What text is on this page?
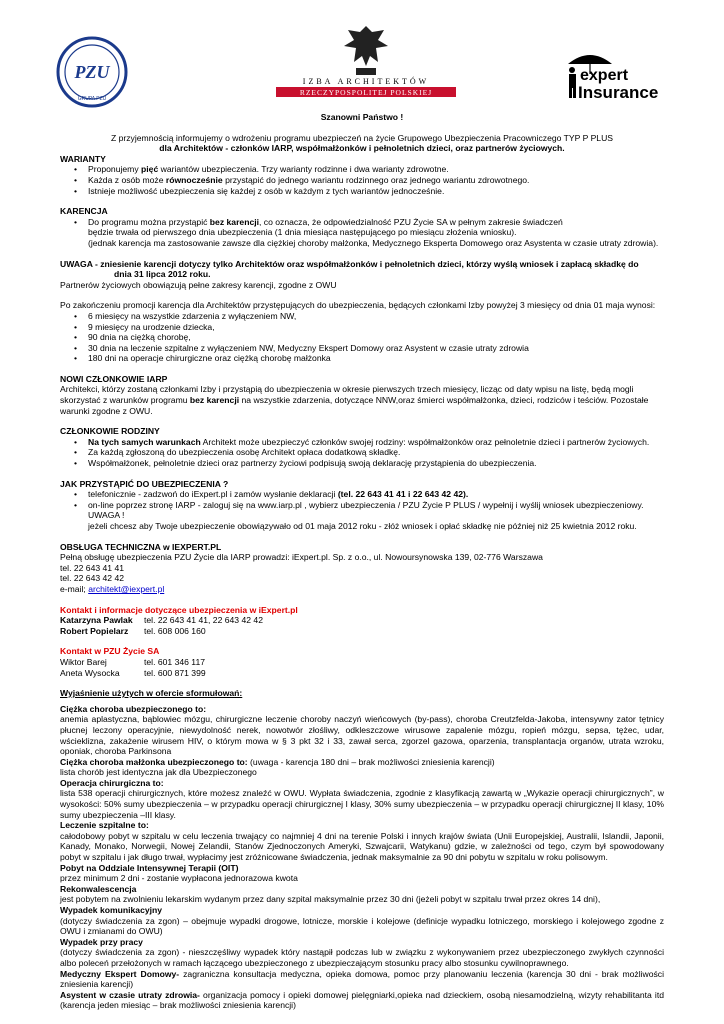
PZU
GRUPA PZU
IZBA ARCHITEKTÓW
RZECZYPOSPOLITEJ POLSKIEJ
expert
Insurance

Szanowni Państwo !

Z przyjemnością informujemy o wdrożeniu programu ubezpieczeń na życie Grupowego Ubezpieczenia Pracowniczego TYP P PLUS

dla Architektów - członków IARP, współmałżonków i pełnoletnich dzieci, oraz partnerów życiowych.

WARIANTY

• Proponujemy pięć wariantów ubezpieczenia. Trzy warianty rodzinne i dwa warianty zdrowotne.
• Każda z osób może równocześnie przystąpić do jednego wariantu rodzinnego oraz jednego wariantu zdrowotnego.
• Istnieje możliwość ubezpieczenia się każdej z osób w każdym z tych wariantów jednocześnie.

KARENCJA

• Do programu można przystąpić bez karencji, co oznacza, że odpowiedzialność PZU Życie SA w pełnym zakresie świadczeń

będzie trwała od pierwszego dnia ubezpieczenia (1 dnia miesiąca następującego po miesiącu złożenia wniosku).

(jednak karencja ma zastosowanie zawsze dla ciężkiej choroby małżonka, Medycznego Eksperta Domowego oraz Asystenta w czasie utraty zdrowia).

UWAGA - zniesienie karencji dotyczy tylko Architektów oraz współmałżonków i pełnoletnich dzieci, którzy wyślą wniosek i zapłacą składkę do

dnia 31 lipca 2012 roku.

Partnerów życiowych obowiązują pełne zakresy karencji, zgodne z OWU

Po zakończeniu promocji karencja dla Architektów przystępujących do ubezpieczenia, będących członkami Izby powyżej 3 miesięcy od dnia 01 maja wynosi:

• 6 miesięcy na wszystkie zdarzenia z wyłączeniem NW,
• 9 miesięcy na urodzenie dziecka,
• 90 dnia na ciężką chorobę,
• 30 dnia na leczenie szpitalne z wyłączeniem NW, Medyczny Ekspert Domowy oraz Asystent w czasie utraty zdrowia
• 180 dni na operacje chirurgiczne oraz ciężką chorobę małżonka

NOWI CZŁONKOWIE IARP

Architekci, którzy zostaną członkami Izby i przystąpią do ubezpieczenia w okresie pierwszych trzech miesięcy, licząc od daty wpisu na listę, będą mogli skorzystać z warunków programu bez karencji na wszystkie zdarzenia, dotyczące NNW,oraz śmierci współmałżonka, dzieci, rodziców i teściów. Pozostałe warunki zgodne z OWU.

CZŁONKOWIE RODZINY

• Na tych samych warunkach Architekt może ubezpieczyć członków swojej rodziny: współmałżonków oraz pełnoletnie dzieci i partnerów życiowych.
• Za każdą zgłoszoną do ubezpieczenia osobę Architekt opłaca dodatkową składkę.
• Współmałżonek, pełnoletnie dzieci oraz partnerzy życiowi podpisują swoją deklarację przystąpienia do ubezpieczenia.

JAK PRZYSTĄPIĆ DO UBEZPIECZENIA ?

• telefonicznie - zadzwoń do iExpert.pl i zamów wysłanie deklaracji (tel. 22 643 41 41 i 22 643 42 42).
• on-line poprzez stronę IARP - zaloguj się na www.iarp.pl , wybierz ubezpieczenia / PZU Życie P PLUS / wypełnij i wyślij wniosek ubezpieczeniowy.

UWAGA !

jeżeli chcesz aby Twoje ubezpieczenie obowiązywało od 01 maja 2012 roku - złóż wniosek i opłać składkę nie później niż 25 kwietnia 2012 roku.

OBSŁUGA TECHNICZNA w IEXPERT.PL

Pełną obsługę ubezpieczenia PZU Życie dla IARP prowadzi: iExpert.pl. Sp. z o.o., ul. Nowoursynowska 139, 02-776 Warszawa

tel. 22 643 41 41

tel. 22 643 42 42

e-mail; architekt@iexpert.pl

Kontakt i informacje dotyczące ubezpieczenia w iExpert.pl

Katarzyna Pawlak tel. 22 643 41 41, 22 643 42 42

Robert Popielarz tel. 608 006 160

Kontakt w PZU Życie SA

Wiktor Barej	tel. 601 346 117

Aneta Wysocka	tel. 600 871 399

Wyjaśnienie użytych w ofercie sformułowań:

Ciężka choroba ubezpieczonego to:

anemia aplastyczna, bąblowiec mózgu, chirurgiczne leczenie choroby naczyń wieńcowych (by-pass), choroba Creutzfelda-Jakoba, intensywny zator tętnicy płucnej leczony operacyjnie, niewydolność nerek, nowotwór złośliwy, odkleszczowe wirusowe zapalenie mózgu, ropień mózgu, sepsa, tężec, udar, wścieklizna, zakażenie wirusem HIV, o którym mowa w § 3 pkt 32 i 33, zawał serca, zgorzel gazowa, oparzenia, transplantacja organów, utrata wzroku, oponiak, choroba Parkinsona

Ciężka choroba małżonka ubezpieczonego to: (uwaga - karencja 180 dni – brak możliwości zniesienia karencji)

lista chorób jest identyczna jak dla Ubezpieczonego

Operacja chirurgiczna to:

lista 538 operacji chirurgicznych, które możesz znaleźć w OWU. Wypłata świadczenia, zgodnie z klasyfikacją zawartą w „Wykazie operacji chirurgicznych”, w wysokości: 50% sumy ubezpieczenia – w przypadku operacji chirurgicznej I klasy, 30% sumy ubezpieczenia – w przypadku operacji chirurgicznej II klasy, 10% sumy ubezpieczenia –III klasy.

Leczenie szpitalne to:

całodobowy pobyt w szpitalu w celu leczenia trwający co najmniej 4 dni na terenie Polski i innych krajów świata (Unii Europejskiej, Australii, Islandii, Japonii, Kanady, Monako, Norwegii, Nowej Zelandii, Stanów Zjednoczonych Ameryki, Szwajcarii, Watykanu) gdzie, w zależności od tego, czym był spowodowany pobyt w szpitalu i jak długo trwał, wypłacimy jest zróżnicowane świadczenia, jednak maksymalnie za 90 dni pobytu w szpitalu w roku polisowym.

Pobyt na Oddziale Intensywnej Terapii (OIT)

przez minimum 2 dni - zostanie wypłacona jednorazowa kwota

Rekonwalescencja

jest pobytem na zwolnieniu lekarskim wydanym przez dany szpital maksymalnie przez 30 dni (jeżeli pobyt w szpitalu trwał przez okres 14 dni),

Wypadek komunikacyjny

(dotyczy świadczenia za zgon) – obejmuje wypadki drogowe, lotnicze, morskie i kolejowe (definicje wypadku lotniczego, morskiego i kolejowego zgodne z OWU i zmianami do OWU)

Wypadek przy pracy

(dotyczy świadczenia za zgon) - nieszczęśliwy wypadek który nastąpił podczas lub w związku z wykonywaniem przez ubezpieczonego zwykłych czynności albo poleceń przełożonych w ramach łączącego ubezpieczonego z ubezpieczającym stosunku pracy albo stosunku cywilnoprawnego.

Medyczny Ekspert Domowy- zagraniczna konsultacja medyczna, opieka domowa, pomoc przy planowaniu leczenia (karencja 30 dni - brak możliwości zniesienia karencji)

Asystent w czasie utraty zdrowia- organizacja pomocy i opieki domowej pielęgniarki,opieka nad dzieckiem, osobą niesamodzielną, wizyty rehabilitanta itd (karencja jeden miesiąc – brak możliwości zniesienia karencji)
